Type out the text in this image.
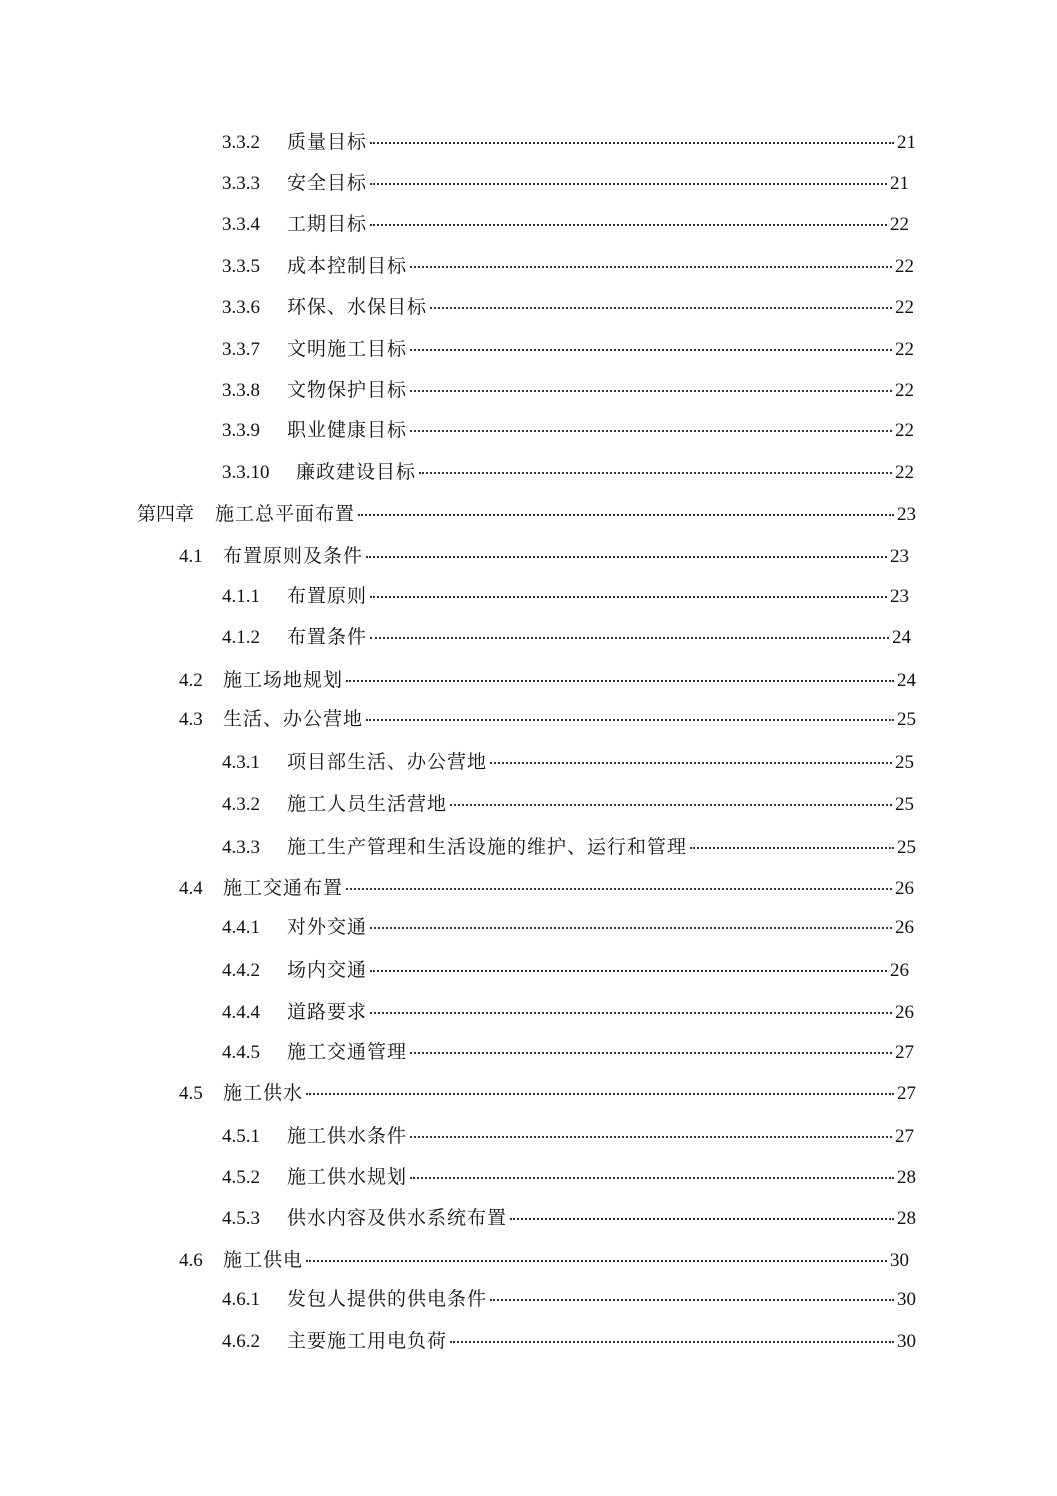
3.3.2	质量目标	21
3.3.3	安全目标	21
3.3.4	工期目标	22
3.3.5	成本控制目标	22
3.3.6	环保、水保目标	22
3.3.7	文明施工目标	22
3.3.8	文物保护目标	22
3.3.9	职业健康目标	22
3.3.10	廉政建设目标	22
第四章	施工总平面布置	23
4.1	布置原则及条件	23
4.1.1	布置原则	23
4.1.2	布置条件	24
4.2	施工场地规划	24
4.3	生活、办公营地	25
4.3.1	项目部生活、办公营地	25
4.3.2	施工人员生活营地	25
4.3.3	施工生产管理和生活设施的维护、运行和管理	25
4.4	施工交通布置	26
4.4.1	对外交通	26
4.4.2	场内交通	26
4.4.4	道路要求	26
4.4.5	施工交通管理	27
4.5	施工供水	27
4.5.1	施工供水条件	27
4.5.2	施工供水规划	28
4.5.3	供水内容及供水系统布置	28
4.6	施工供电	30
4.6.1	发包人提供的供电条件	30
4.6.2	主要施工用电负荷	30
